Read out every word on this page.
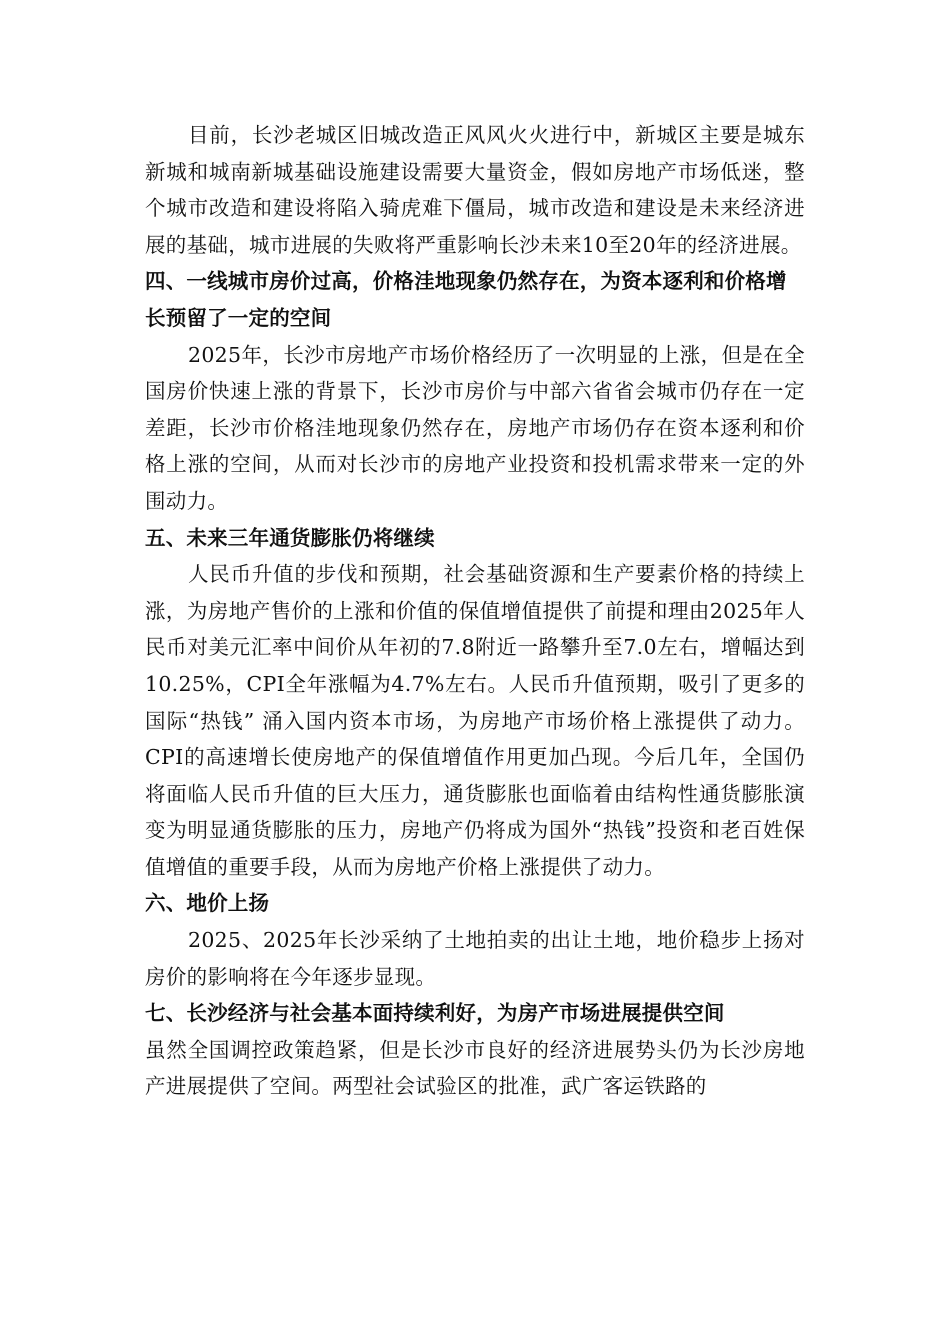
目前，长沙老城区旧城改造正风风火火进行中，新城区主要是城东新城和城南新城基础设施建设需要大量资金，假如房地产市场低迷，整个城市改造和建设将陷入骑虎难下僵局，城市改造和建设是未来经济进展的基础，城市进展的失败将严重影响长沙未来10至20年的经济进展。

四、一线城市房价过高，价格洼地现象仍然存在，为资本逐利和价格增长预留了一定的空间

2025年，长沙市房地产市场价格经历了一次明显的上涨，但是在全国房价快速上涨的背景下，长沙市房价与中部六省省会城市仍存在一定差距，长沙市价格洼地现象仍然存在，房地产市场仍存在资本逐利和价格上涨的空间，从而对长沙市的房地产业投资和投机需求带来一定的外围动力。

五、未来三年通货膨胀仍将继续

人民币升值的步伐和预期，社会基础资源和生产要素价格的持续上涨，为房地产售价的上涨和价值的保值增值提供了前提和理由2025年人民币对美元汇率中间价从年初的7.8附近一路攀升至7.0左右，增幅达到10.25%，CPI全年涨幅为4.7%左右。人民币升值预期，吸引了更多的国际“热钱” 涌入国内资本市场，为房地产市场价格上涨提供了动力。CPI的高速增长使房地产的保值增值作用更加凸现。今后几年，全国仍将面临人民币升值的巨大压力，通货膨胀也面临着由结构性通货膨胀演变为明显通货膨胀的压力，房地产仍将成为国外“热钱”投资和老百姓保值增值的重要手段，从而为房地产价格上涨提供了动力。

六、地价上扬

2025、2025年长沙采纳了土地拍卖的出让土地，地价稳步上扬对房价的影响将在今年逐步显现。

七、长沙经济与社会基本面持续利好，为房产市场进展提供空间

虽然全国调控政策趋紧，但是长沙市良好的经济进展势头仍为长沙房地产进展提供了空间。两型社会试验区的批准，武广客运铁路的
